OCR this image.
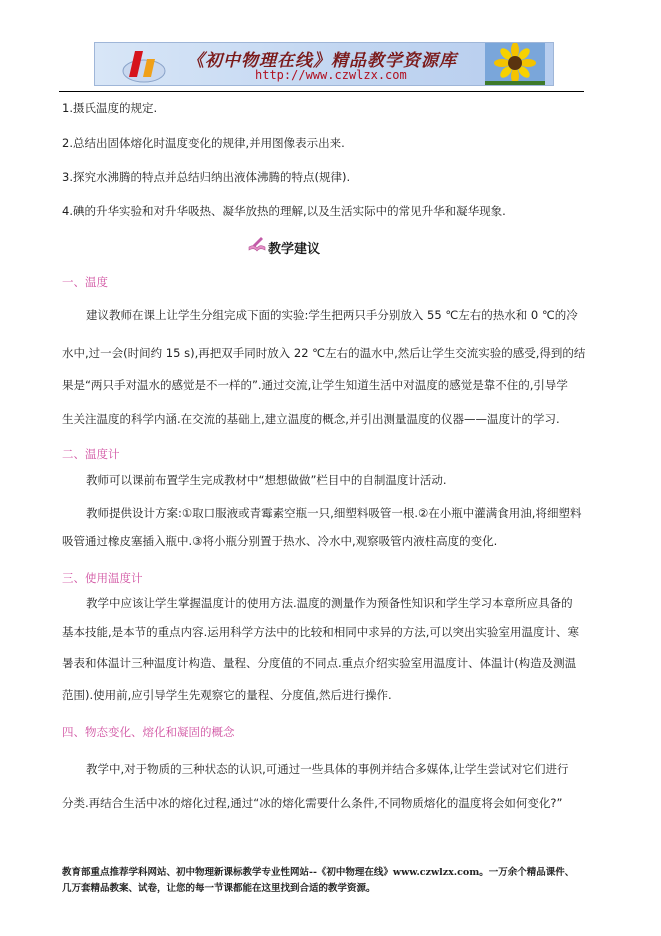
《初中物理在线》精品教学资源库
http://www.czwlzx.com
1.摄氏温度的规定.
2.总结出固体熔化时温度变化的规律,并用图像表示出来.
3.探究水沸腾的特点并总结归纳出液体沸腾的特点(规律).
4.碘的升华实验和对升华吸热、凝华放热的理解,以及生活实际中的常见升华和凝华现象.
教学建议
一、温度
建议教师在课上让学生分组完成下面的实验:学生把两只手分别放入 55 ℃左右的热水和 0 ℃的冷
水中,过一会(时间约 15 s),再把双手同时放入 22 ℃左右的温水中,然后让学生交流实验的感受,得到的结
果是“两只手对温水的感觉是不一样的”.通过交流,让学生知道生活中对温度的感觉是靠不住的,引导学
生关注温度的科学内涵.在交流的基础上,建立温度的概念,并引出测量温度的仪器——温度计的学习.
二、温度计
教师可以课前布置学生完成教材中“想想做做”栏目中的自制温度计活动.
教师提供设计方案:①取口服液或青霉素空瓶一只,细塑料吸管一根.②在小瓶中灌满食用油,将细塑料
吸管通过橡皮塞插入瓶中.③将小瓶分别置于热水、冷水中,观察吸管内液柱高度的变化.
三、使用温度计
教学中应该让学生掌握温度计的使用方法.温度的测量作为预备性知识和学生学习本章所应具备的
基本技能,是本节的重点内容.运用科学方法中的比较和相同中求异的方法,可以突出实验室用温度计、寒
暑表和体温计三种温度计构造、量程、分度值的不同点.重点介绍实验室用温度计、体温计(构造及测温
范围).使用前,应引导学生先观察它的量程、分度值,然后进行操作.
四、物态变化、熔化和凝固的概念
教学中,对于物质的三种状态的认识,可通过一些具体的事例并结合多媒体,让学生尝试对它们进行
分类.再结合生活中冰的熔化过程,通过“冰的熔化需要什么条件,不同物质熔化的温度将会如何变化?”
教育部重点推荐学科网站、初中物理新课标教学专业性网站--《初中物理在线》www.czwlzx.com。一万余个精品课件、
几万套精品教案、试卷，让您的每一节课都能在这里找到合适的教学资源。
